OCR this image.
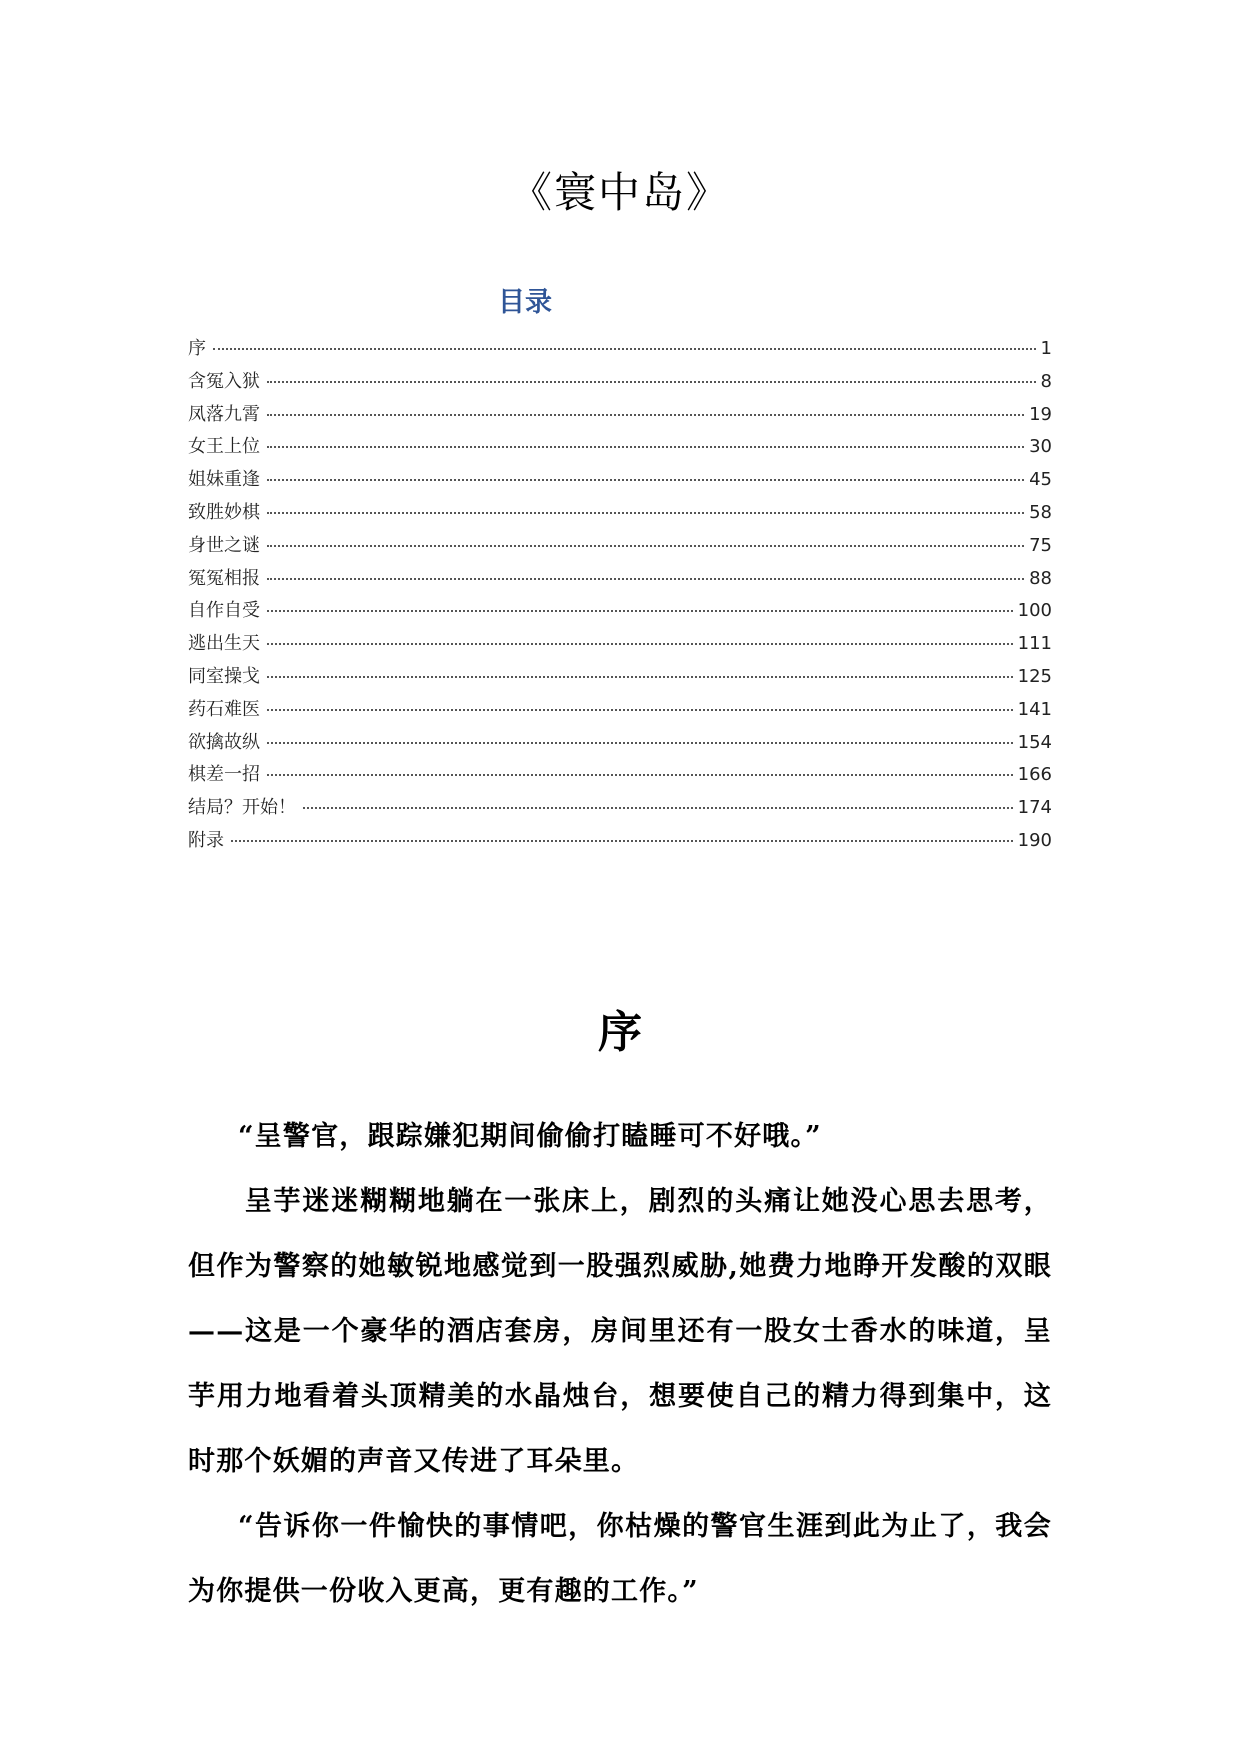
《寰中岛》
目录
序	1
含冤入狱	8
凤落九霄	19
女王上位	30
姐妹重逢	45
致胜妙棋	58
身世之谜	75
冤冤相报	88
自作自受	100
逃出生天	111
同室操戈	125
药石难医	141
欲擒故纵	154
棋差一招	166
结局？开始！	174
附录	190
序

“呈警官，跟踪嫌犯期间偷偷打瞌睡可不好哦。”

呈芋迷迷糊糊地躺在一张床上，剧烈的头痛让她没心思去思考，但作为警察的她敏锐地感觉到一股强烈威胁,她费力地睁开发酸的双眼——这是一个豪华的酒店套房，房间里还有一股女士香水的味道，呈芋用力地看着头顶精美的水晶烛台，想要使自己的精力得到集中，这时那个妖媚的声音又传进了耳朵里。

“告诉你一件愉快的事情吧，你枯燥的警官生涯到此为止了，我会为你提供一份收入更高，更有趣的工作。”
